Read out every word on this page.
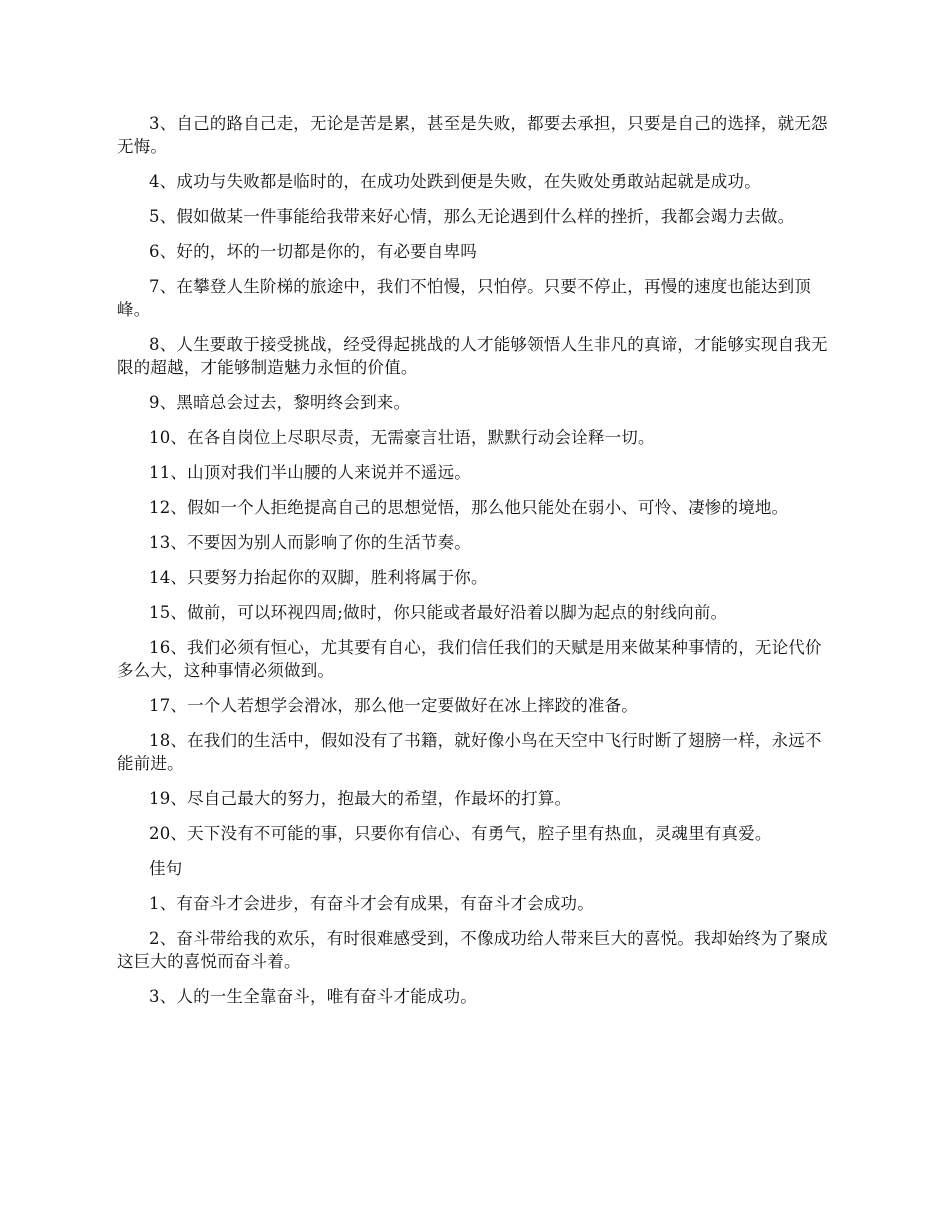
3、自己的路自己走，无论是苦是累，甚至是失败，都要去承担，只要是自己的选择，就无怨无悔。

4、成功与失败都是临时的，在成功处跌到便是失败，在失败处勇敢站起就是成功。

5、假如做某一件事能给我带来好心情，那么无论遇到什么样的挫折，我都会竭力去做。

6、好的，坏的一切都是你的，有必要自卑吗

7、在攀登人生阶梯的旅途中，我们不怕慢，只怕停。只要不停止，再慢的速度也能达到顶峰。

8、人生要敢于接受挑战，经受得起挑战的人才能够领悟人生非凡的真谛，才能够实现自我无限的超越，才能够制造魅力永恒的价值。

9、黑暗总会过去，黎明终会到来。

10、在各自岗位上尽职尽责，无需豪言壮语，默默行动会诠释一切。

11、山顶对我们半山腰的人来说并不遥远。

12、假如一个人拒绝提高自己的思想觉悟，那么他只能处在弱小、可怜、凄惨的境地。

13、不要因为别人而影响了你的生活节奏。

14、只要努力抬起你的双脚，胜利将属于你。

15、做前，可以环视四周;做时，你只能或者最好沿着以脚为起点的射线向前。

16、我们必须有恒心，尤其要有自心，我们信任我们的天赋是用来做某种事情的，无论代价多么大，这种事情必须做到。

17、一个人若想学会滑冰，那么他一定要做好在冰上摔跤的准备。

18、在我们的生活中，假如没有了书籍，就好像小鸟在天空中飞行时断了翅膀一样，永远不能前进。

19、尽自己最大的努力，抱最大的希望，作最坏的打算。

20、天下没有不可能的事，只要你有信心、有勇气，腔子里有热血，灵魂里有真爱。

佳句

1、有奋斗才会进步，有奋斗才会有成果，有奋斗才会成功。

2、奋斗带给我的欢乐，有时很难感受到，不像成功给人带来巨大的喜悦。我却始终为了聚成这巨大的喜悦而奋斗着。

3、人的一生全靠奋斗，唯有奋斗才能成功。
